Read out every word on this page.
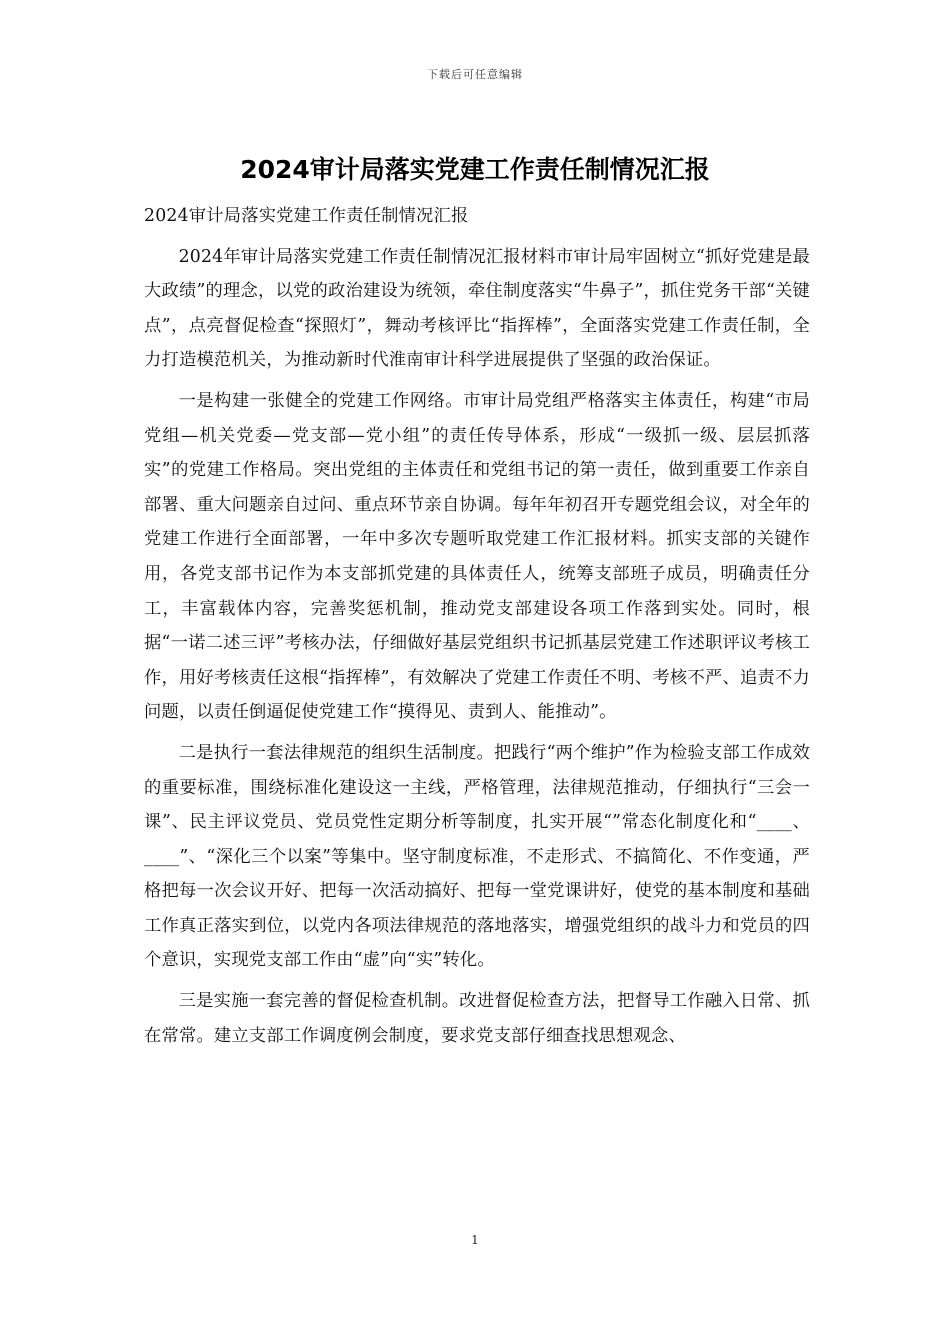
下载后可任意编辑
2024审计局落实党建工作责任制情况汇报

2024审计局落实党建工作责任制情况汇报

2024年审计局落实党建工作责任制情况汇报材料市审计局牢固树立“抓好党建是最大政绩”的理念，以党的政治建设为统领，牵住制度落实“牛鼻子”，抓住党务干部“关键点”，点亮督促检查“探照灯”，舞动考核评比“指挥棒”，全面落实党建工作责任制，全力打造模范机关，为推动新时代淮南审计科学进展提供了坚强的政治保证。

一是构建一张健全的党建工作网络。市审计局党组严格落实主体责任，构建“市局党组—机关党委—党支部—党小组”的责任传导体系，形成“一级抓一级、层层抓落实”的党建工作格局。突出党组的主体责任和党组书记的第一责任，做到重要工作亲自部署、重大问题亲自过问、重点环节亲自协调。每年年初召开专题党组会议，对全年的党建工作进行全面部署，一年中多次专题听取党建工作汇报材料。抓实支部的关键作用，各党支部书记作为本支部抓党建的具体责任人，统筹支部班子成员，明确责任分工，丰富载体内容，完善奖惩机制，推动党支部建设各项工作落到实处。同时，根据“一诺二述三评”考核办法，仔细做好基层党组织书记抓基层党建工作述职评议考核工作，用好考核责任这根“指挥棒”，有效解决了党建工作责任不明、考核不严、追责不力问题，以责任倒逼促使党建工作“摸得见、责到人、能推动”。

二是执行一套法律规范的组织生活制度。把践行“两个维护”作为检验支部工作成效的重要标准，围绕标准化建设这一主线，严格管理，法律规范推动，仔细执行“三会一课”、民主评议党员、党员党性定期分析等制度，扎实开展“”常态化制度化和“____、____”、“深化三个以案”等集中。坚守制度标准，不走形式、不搞简化、不作变通，严格把每一次会议开好、把每一次活动搞好、把每一堂党课讲好，使党的基本制度和基础工作真正落实到位，以党内各项法律规范的落地落实，增强党组织的战斗力和党员的四个意识，实现党支部工作由“虚”向“实”转化。

三是实施一套完善的督促检查机制。改进督促检查方法，把督导工作融入日常、抓在常常。建立支部工作调度例会制度，要求党支部仔细查找思想观念、

1
